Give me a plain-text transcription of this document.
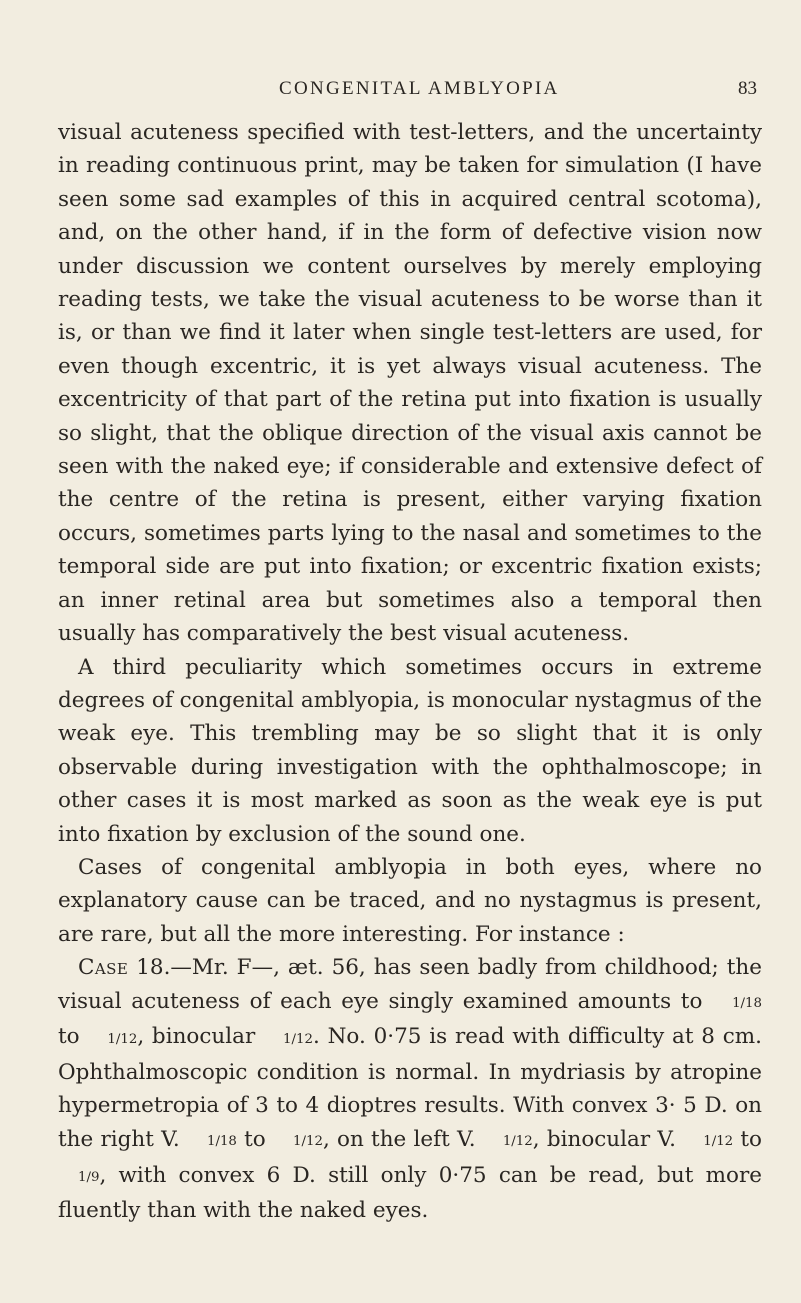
CONGENITAL AMBLYOPIA	83

visual acuteness specified with test-letters, and the uncertainty in reading continuous print, may be taken for simulation (I have seen some sad examples of this in acquired central scotoma), and, on the other hand, if in the form of defective vision now under discussion we content ourselves by merely employing reading tests, we take the visual acuteness to be worse than it is, or than we find it later when single test-letters are used, for even though excentric, it is yet always visual acuteness. The excentricity of that part of the retina put into fixation is usually so slight, that the oblique direction of the visual axis cannot be seen with the naked eye; if considerable and extensive defect of the centre of the retina is present, either varying fixation occurs, sometimes parts lying to the nasal and sometimes to the temporal side are put into fixation; or excentric fixation exists; an inner retinal area but sometimes also a temporal then usually has comparatively the best visual acuteness.

A third peculiarity which sometimes occurs in extreme degrees of congenital amblyopia, is monocular nystagmus of the weak eye. This trembling may be so slight that it is only observable during investigation with the ophthalmoscope; in other cases it is most marked as soon as the weak eye is put into fixation by exclusion of the sound one.

Cases of congenital amblyopia in both eyes, where no explanatory cause can be traced, and no nystagmus is present, are rare, but all the more interesting. For instance :

Case 18.—Mr. F—, æt. 56, has seen badly from childhood; the visual acuteness of each eye singly examined amounts to 1/18 to 1/12, binocular 1/12. No. 0·75 is read with difficulty at 8 cm. Ophthalmoscopic condition is normal. In mydriasis by atropine hypermetropia of 3 to 4 dioptres results. With convex 3· 5 D. on the right V. 1/18 to 1/12, on the left V. 1/12, binocular V. 1/12 to 1/9, with convex 6 D. still only 0·75 can be read, but more fluently than with the naked eyes.
